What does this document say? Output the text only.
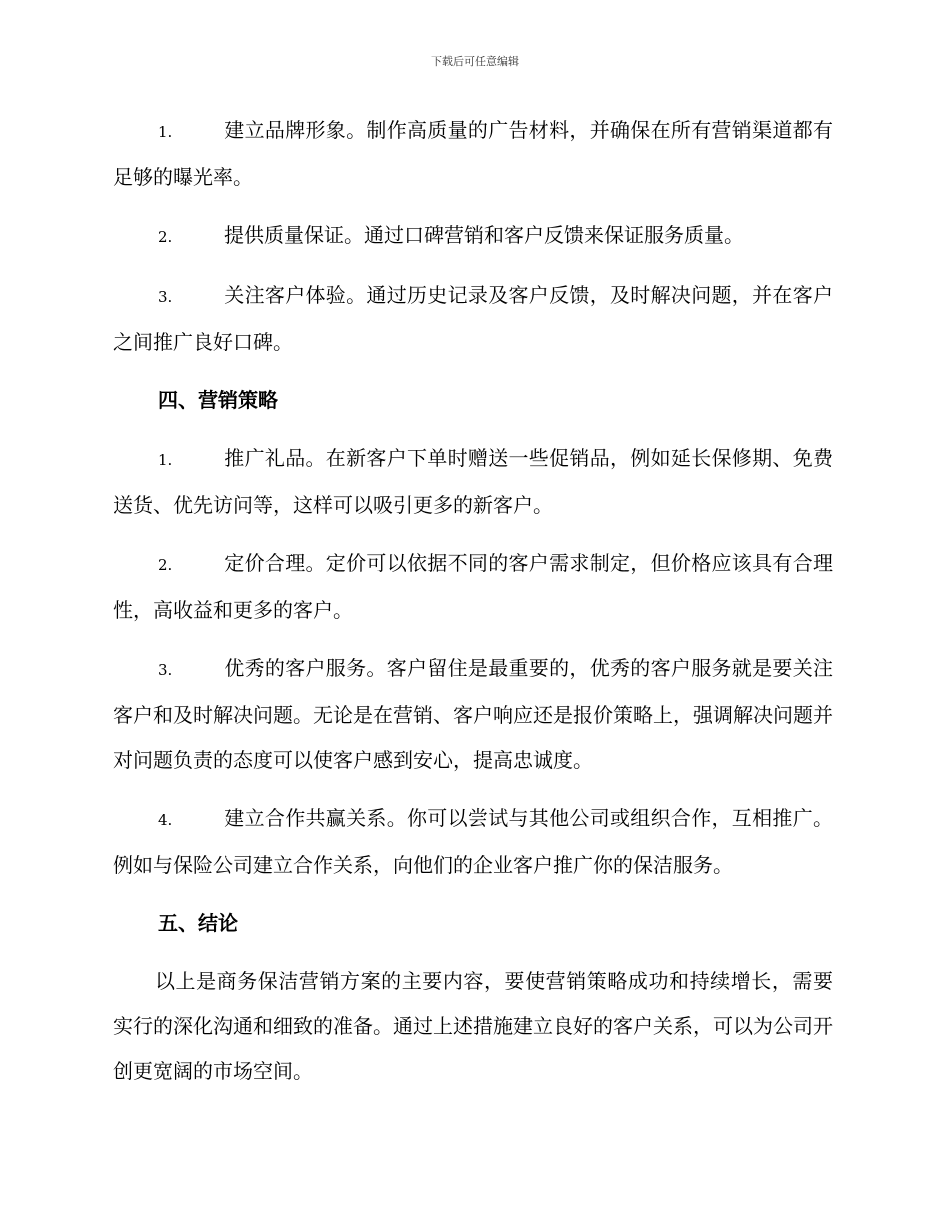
下载后可任意编辑

1.	建立品牌形象。制作高质量的广告材料，并确保在所有营销渠道都有足够的曝光率。

2.	提供质量保证。通过口碑营销和客户反馈来保证服务质量。

3.	关注客户体验。通过历史记录及客户反馈，及时解决问题，并在客户之间推广良好口碑。

四、营销策略

1.	推广礼品。在新客户下单时赠送一些促销品，例如延长保修期、免费送货、优先访问等，这样可以吸引更多的新客户。

2.	定价合理。定价可以依据不同的客户需求制定，但价格应该具有合理性，高收益和更多的客户。

3.	优秀的客户服务。客户留住是最重要的，优秀的客户服务就是要关注客户和及时解决问题。无论是在营销、客户响应还是报价策略上，强调解决问题并对问题负责的态度可以使客户感到安心，提高忠诚度。

4.	建立合作共赢关系。你可以尝试与其他公司或组织合作，互相推广。例如与保险公司建立合作关系，向他们的企业客户推广你的保洁服务。

五、结论

以上是商务保洁营销方案的主要内容，要使营销策略成功和持续增长，需要实行的深化沟通和细致的准备。通过上述措施建立良好的客户关系，可以为公司开创更宽阔的市场空间。
